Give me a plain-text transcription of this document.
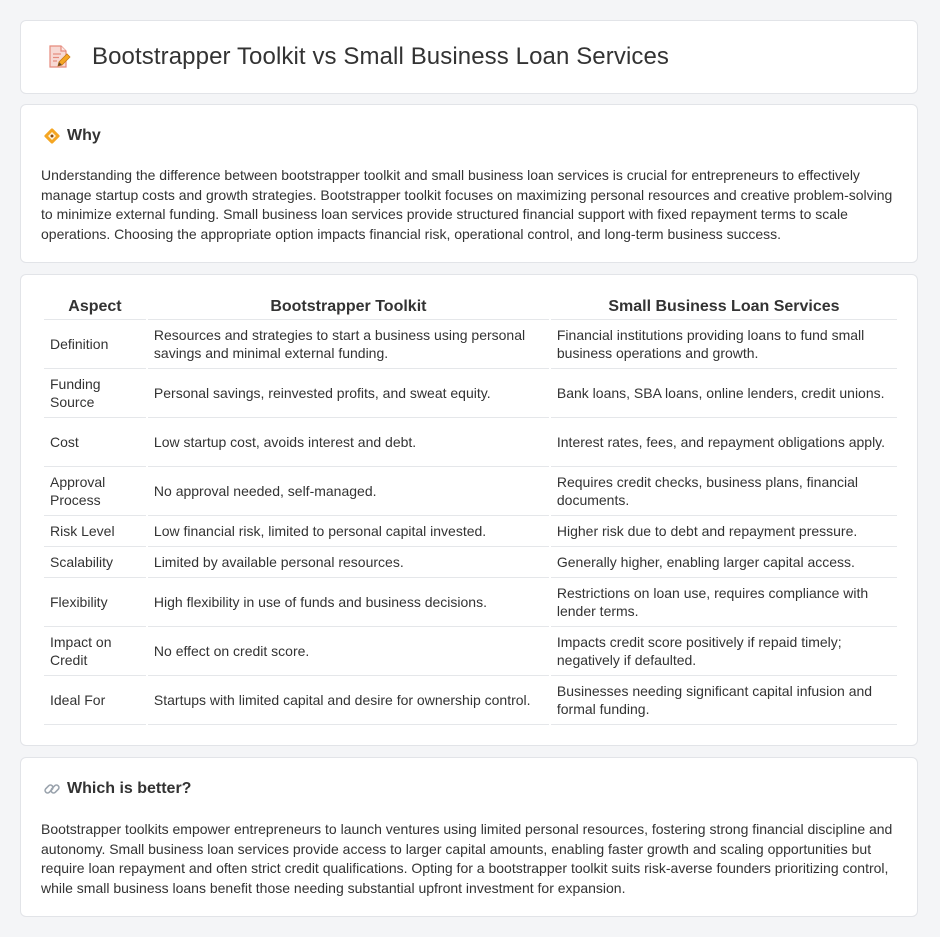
Bootstrapper Toolkit vs Small Business Loan Services
Why
Understanding the difference between bootstrapper toolkit and small business loan services is crucial for entrepreneurs to effectively manage startup costs and growth strategies. Bootstrapper toolkit focuses on maximizing personal resources and creative problem-solving to minimize external funding. Small business loan services provide structured financial support with fixed repayment terms to scale operations. Choosing the appropriate option impacts financial risk, operational control, and long-term business success.
Aspect	Bootstrapper Toolkit	Small Business Loan Services
Definition	Resources and strategies to start a business using personal savings and minimal external funding.	Financial institutions providing loans to fund small business operations and growth.
Funding Source	Personal savings, reinvested profits, and sweat equity.	Bank loans, SBA loans, online lenders, credit unions.
Cost	Low startup cost, avoids interest and debt.	Interest rates, fees, and repayment obligations apply.
Approval Process	No approval needed, self-managed.	Requires credit checks, business plans, financial documents.
Risk Level	Low financial risk, limited to personal capital invested.	Higher risk due to debt and repayment pressure.
Scalability	Limited by available personal resources.	Generally higher, enabling larger capital access.
Flexibility	High flexibility in use of funds and business decisions.	Restrictions on loan use, requires compliance with lender terms.
Impact on Credit	No effect on credit score.	Impacts credit score positively if repaid timely; negatively if defaulted.
Ideal For	Startups with limited capital and desire for ownership control.	Businesses needing significant capital infusion and formal funding.
Which is better?
Bootstrapper toolkits empower entrepreneurs to launch ventures using limited personal resources, fostering strong financial discipline and autonomy. Small business loan services provide access to larger capital amounts, enabling faster growth and scaling opportunities but require loan repayment and often strict credit qualifications. Opting for a bootstrapper toolkit suits risk-averse founders prioritizing control, while small business loans benefit those needing substantial upfront investment for expansion.
